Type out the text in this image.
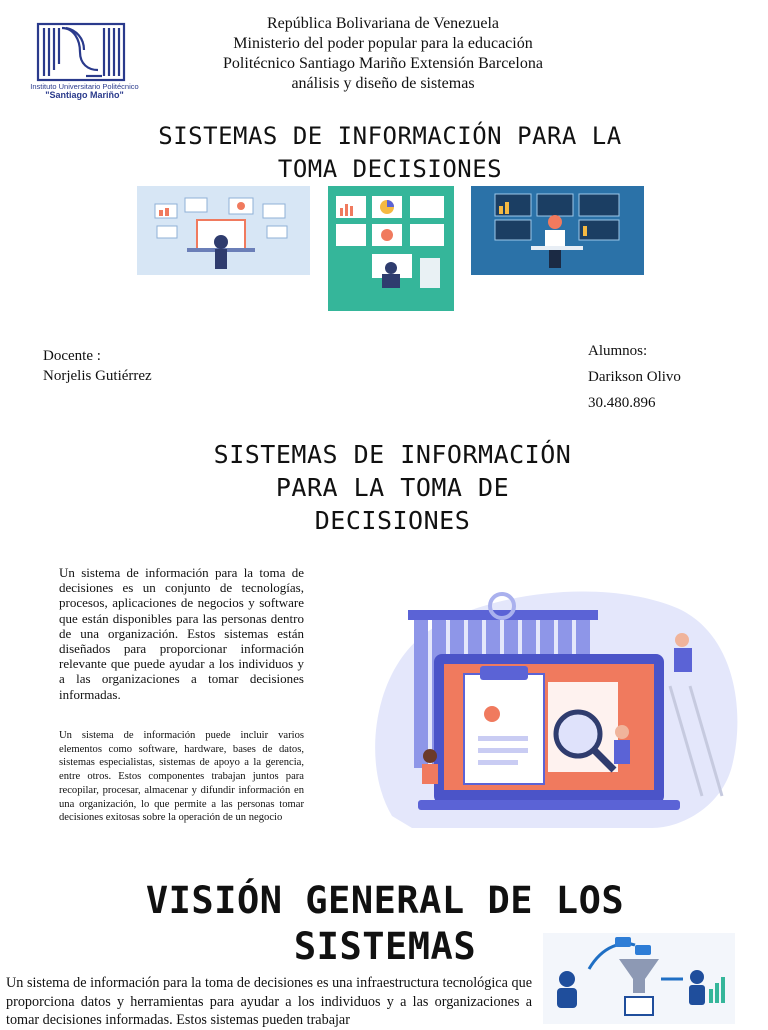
Instituto Universitario Politécnico
"Santiago Mariño"
República Bolivariana de Venezuela
Ministerio del poder popular para la educación
Politécnico Santiago Mariño Extensión Barcelona
análisis y diseño de sistemas
SISTEMAS DE INFORMACIÓN PARA LA
TOMA DECISIONES
Docente :
Norjelis Gutiérrez
Alumnos:
Darikson Olivo
30.480.896
SISTEMAS DE INFORMACIÓN
PARA LA TOMA DE
DECISIONES
Un sistema de información para la toma de decisiones es un conjunto de tecnologías, procesos, aplicaciones de negocios y software que están disponibles para las personas dentro de una organización. Estos sistemas están diseñados para proporcionar información relevante que puede ayudar a los individuos y a las organizaciones a tomar decisiones informadas.
Un sistema de información puede incluir varios elementos como software, hardware, bases de datos, sistemas especialistas, sistemas de apoyo a la gerencia, entre otros. Estos componentes trabajan juntos para recopilar, procesar, almacenar y difundir información en una organización, lo que permite a las personas tomar decisiones exitosas sobre la operación de un negocio
VISIÓN GENERAL DE LOS
SISTEMAS
Un sistema de información para la toma de decisiones es una infraestructura tecnológica que proporciona datos y herramientas para ayudar a los individuos y a las organizaciones a tomar decisiones informadas. Estos sistemas pueden trabajar
